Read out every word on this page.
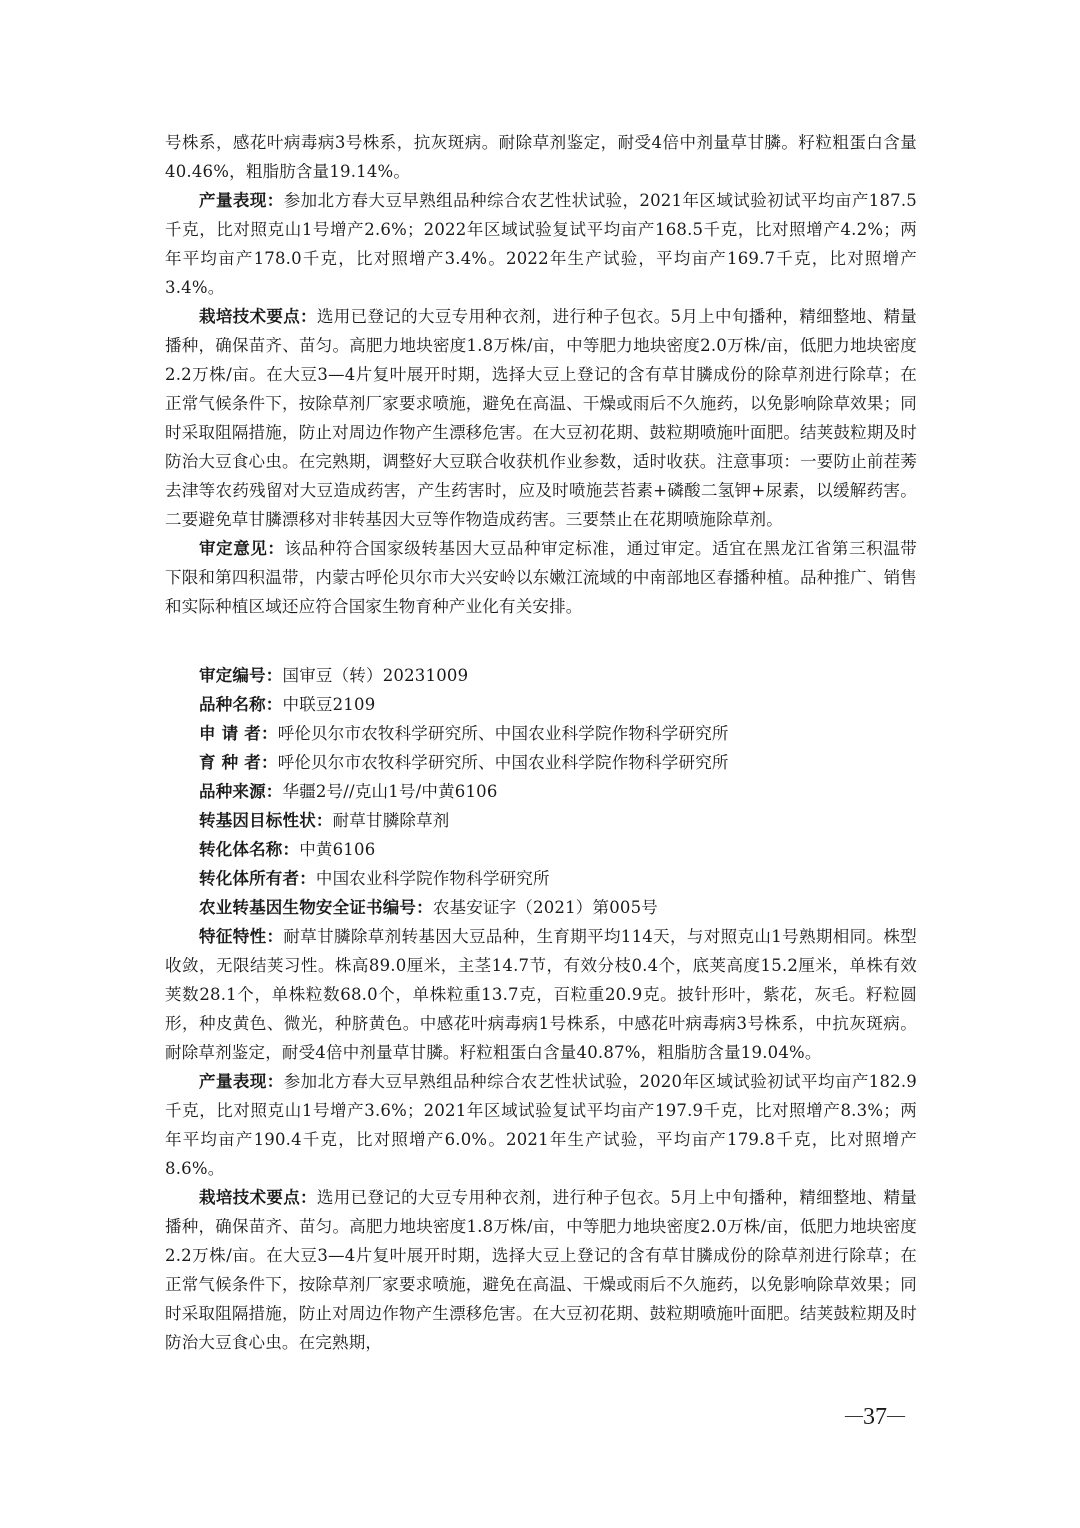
号株系，感花叶病毒病3号株系，抗灰斑病。耐除草剂鉴定，耐受4倍中剂量草甘膦。籽粒粗蛋白含量40.46%，粗脂肪含量19.14%。

产量表现：参加北方春大豆早熟组品种综合农艺性状试验，2021年区域试验初试平均亩产187.5千克，比对照克山1号增产2.6%；2022年区域试验复试平均亩产168.5千克，比对照增产4.2%；两年平均亩产178.0千克，比对照增产3.4%。2022年生产试验，平均亩产169.7千克，比对照增产3.4%。

栽培技术要点：选用已登记的大豆专用种衣剂，进行种子包衣。5月上中旬播种，精细整地、精量播种，确保苗齐、苗匀。高肥力地块密度1.8万株/亩，中等肥力地块密度2.0万株/亩，低肥力地块密度2.2万株/亩。在大豆3—4片复叶展开时期，选择大豆上登记的含有草甘膦成份的除草剂进行除草；在正常气候条件下，按除草剂厂家要求喷施，避免在高温、干燥或雨后不久施药，以免影响除草效果；同时采取阻隔措施，防止对周边作物产生漂移危害。在大豆初花期、鼓粒期喷施叶面肥。结荚鼓粒期及时防治大豆食心虫。在完熟期，调整好大豆联合收获机作业参数，适时收获。注意事项：一要防止前茬莠去津等农药残留对大豆造成药害，产生药害时，应及时喷施芸苔素+磷酸二氢钾+尿素，以缓解药害。二要避免草甘膦漂移对非转基因大豆等作物造成药害。三要禁止在花期喷施除草剂。

审定意见：该品种符合国家级转基因大豆品种审定标准，通过审定。适宜在黑龙江省第三积温带下限和第四积温带，内蒙古呼伦贝尔市大兴安岭以东嫩江流域的中南部地区春播种植。品种推广、销售和实际种植区域还应符合国家生物育种产业化有关安排。

审定编号：国审豆（转）20231009

品种名称：中联豆2109

申 请 者：呼伦贝尔市农牧科学研究所、中国农业科学院作物科学研究所

育 种 者：呼伦贝尔市农牧科学研究所、中国农业科学院作物科学研究所

品种来源：华疆2号//克山1号/中黄6106

转基因目标性状：耐草甘膦除草剂

转化体名称：中黄6106

转化体所有者：中国农业科学院作物科学研究所

农业转基因生物安全证书编号：农基安证字（2021）第005号

特征特性：耐草甘膦除草剂转基因大豆品种，生育期平均114天，与对照克山1号熟期相同。株型收敛，无限结荚习性。株高89.0厘米，主茎14.7节，有效分枝0.4个，底荚高度15.2厘米，单株有效荚数28.1个，单株粒数68.0个，单株粒重13.7克，百粒重20.9克。披针形叶，紫花，灰毛。籽粒圆形，种皮黄色、微光，种脐黄色。中感花叶病毒病1号株系，中感花叶病毒病3号株系，中抗灰斑病。耐除草剂鉴定，耐受4倍中剂量草甘膦。籽粒粗蛋白含量40.87%，粗脂肪含量19.04%。

产量表现：参加北方春大豆早熟组品种综合农艺性状试验，2020年区域试验初试平均亩产182.9千克，比对照克山1号增产3.6%；2021年区域试验复试平均亩产197.9千克，比对照增产8.3%；两年平均亩产190.4千克，比对照增产6.0%。2021年生产试验，平均亩产179.8千克，比对照增产8.6%。

栽培技术要点：选用已登记的大豆专用种衣剂，进行种子包衣。5月上中旬播种，精细整地、精量播种，确保苗齐、苗匀。高肥力地块密度1.8万株/亩，中等肥力地块密度2.0万株/亩，低肥力地块密度2.2万株/亩。在大豆3—4片复叶展开时期，选择大豆上登记的含有草甘膦成份的除草剂进行除草；在正常气候条件下，按除草剂厂家要求喷施，避免在高温、干燥或雨后不久施药，以免影响除草效果；同时采取阻隔措施，防止对周边作物产生漂移危害。在大豆初花期、鼓粒期喷施叶面肥。结荚鼓粒期及时防治大豆食心虫。在完熟期，

—37—
